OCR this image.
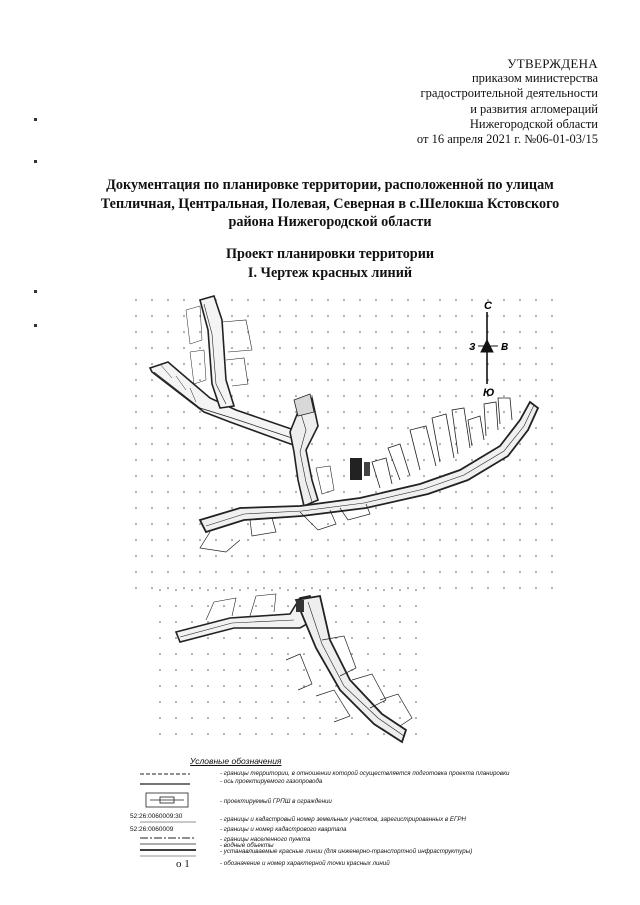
УТВЕРЖДЕНА
приказом министерства
градостроительной деятельности
и развития агломераций
Нижегородской области
от 16 апреля 2021 г. №06-01-03/15
Документация по планировке территории, расположенной по улицам
Тепличная, Центральная, Полевая, Северная в с.Шелокша Кстовского
района Нижегородской области
Проект планировки территории
I. Чертеж красных линий
С
Ю
З	В
Условные обозначения
- границы территории, в отношении которой осуществляется подготовка проекта планировки
- ось проектируемого газопровода
- проектируемый ГРПШ в ограждении
52:26:0060009:30	- границы и кадастровый номер земельных участков, зарегистрированных в ЕГРН
52:26:0060009	- границы и номер кадастрового квартала
- границы населенного пункта
- водные объекты
- устанавливаемые красные линии (для инженерно-транспортной инфраструктуры)
о 1	- обозначение и номер характерной точки красных линий
